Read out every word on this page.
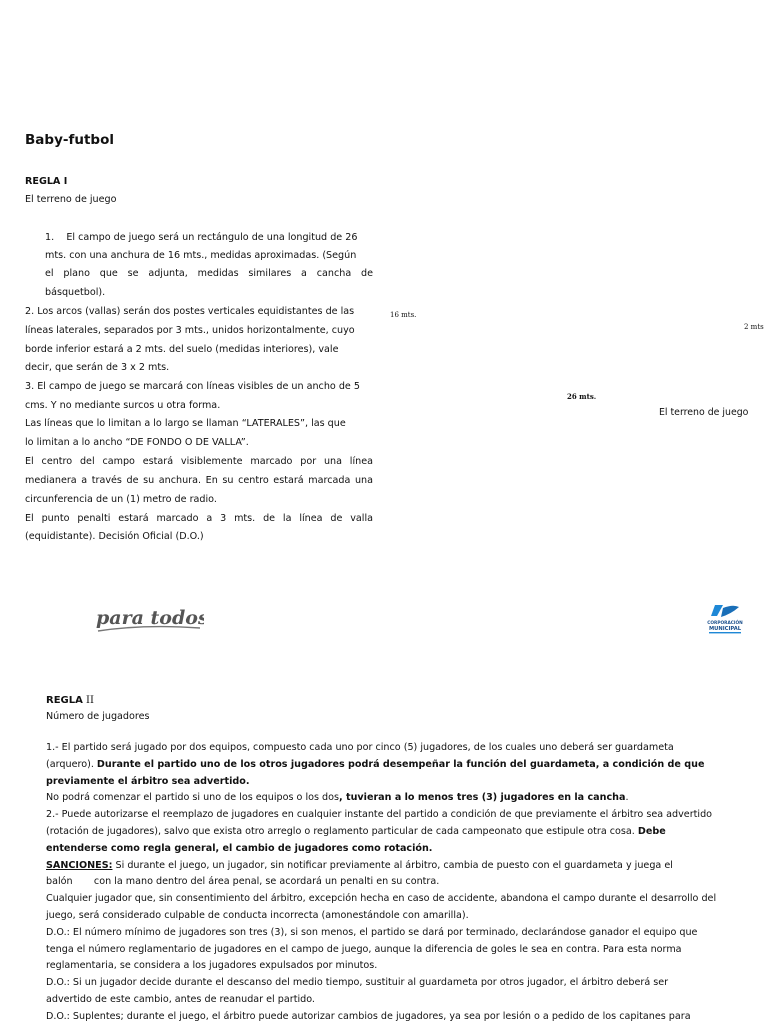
Baby-futbol
REGLA I
El terreno de juego
1.    El campo de juego será un rectángulo de una longitud de 26
mts. con una anchura de 16 mts., medidas aproximadas. (Según
el plano que se adjunta, medidas similares a cancha de
básquetbol).
2. Los arcos (vallas) serán dos postes verticales equidistantes de las
líneas laterales, separados por 3 mts., unidos horizontalmente, cuyo
borde inferior estará a 2 mts. del suelo (medidas interiores), vale
decir, que serán de 3 x 2 mts.
3. El campo de juego se marcará con líneas visibles de un ancho de 5
cms. Y no mediante surcos u otra forma.
Las líneas que lo limitan a lo largo se llaman “LATERALES”, las que
lo limitan a lo ancho “DE FONDO O DE VALLA”.
El centro del campo estará visiblemente marcado por una línea
medianera a través de su anchura. En su centro estará marcada una
circunferencia de un (1) metro de radio.
El punto penalti estará marcado a 3 mts. de la línea de valla
(equidistante). Decisión Oficial (D.O.)
16 mts.
2 mts
26 mts.
El terreno de juego
para todos	CORPORACIÓN
MUNICIPAL
REGLA II
Número de jugadores

1.- El partido será jugado por dos equipos, compuesto cada uno por cinco (5) jugadores, de los cuales uno deberá ser guardameta

(arquero). Durante el partido uno de los otros jugadores podrá desempeñar la función del guardameta, a condición de que

previamente el árbitro sea advertido.

No podrá comenzar el partido si uno de los equipos o los dos, tuvieran a lo menos tres (3) jugadores en la cancha.

2.- Puede autorizarse el reemplazo de jugadores en cualquier instante del partido a condición de que previamente el árbitro sea advertido

(rotación de jugadores), salvo que exista otro arreglo o reglamento particular de cada campeonato que estipule otra cosa. Debe

entenderse como regla general, el cambio de jugadores como rotación.

SANCIONES: Si durante el juego, un jugador, sin notificar previamente al árbitro, cambia de puesto con el guardameta y juega el

balón       con la mano dentro del área penal, se acordará un penalti en su contra.

Cualquier jugador que, sin consentimiento del árbitro, excepción hecha en caso de accidente, abandona el campo durante el desarrollo del

juego, será considerado culpable de conducta incorrecta (amonestándole con amarilla).

D.O.: El número mínimo de jugadores son tres (3), si son menos, el partido se dará por terminado, declarándose ganador el equipo que

tenga el número reglamentario de jugadores en el campo de juego, aunque la diferencia de goles le sea en contra. Para esta norma

reglamentaria, se considera a los jugadores expulsados por minutos.

D.O.: Si un jugador decide durante el descanso del medio tiempo, sustituir al guardameta por otros jugador, el árbitro deberá ser

advertido de este cambio, antes de reanudar el partido.

D.O.: Suplentes; durante el juego, el árbitro puede autorizar cambios de jugadores, ya sea por lesión o a pedido de los capitanes para
